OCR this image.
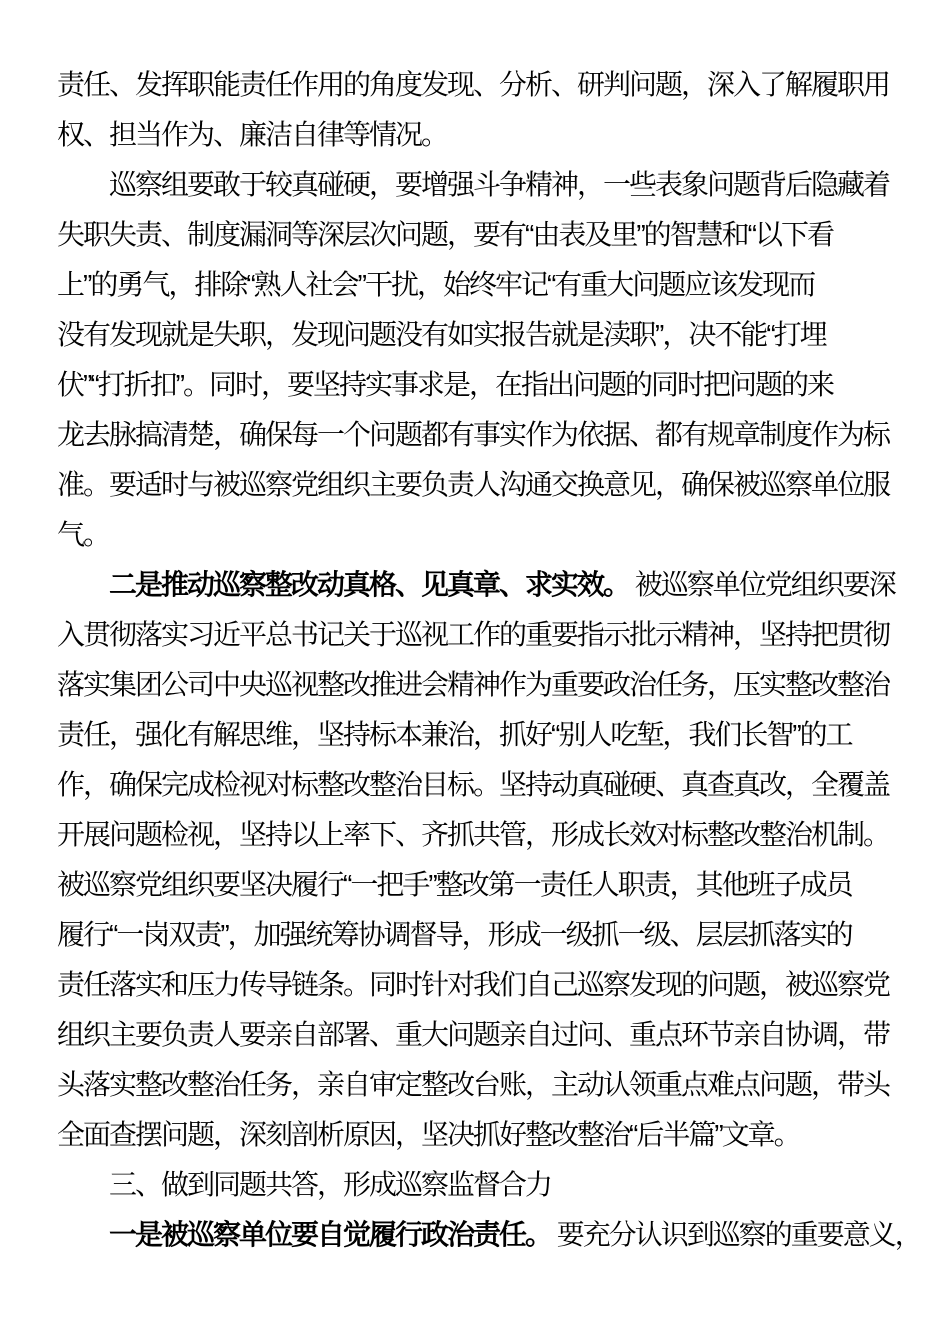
责任、发挥职能责任作用的角度发现、分析、研判问题，深入了解履职用
权、担当作为、廉洁自律等情况。
巡察组要敢于较真碰硬，要增强斗争精神，一些表象问题背后隐藏着
失职失责、制度漏洞等深层次问题，要有“由表及里”的智慧和“以下看
上”的勇气，排除“熟人社会”干扰，始终牢记“有重大问题应该发现而
没有发现就是失职，发现问题没有如实报告就是渎职”，决不能“打埋
伏”“打折扣”。同时，要坚持实事求是，在指出问题的同时把问题的来
龙去脉搞清楚，确保每一个问题都有事实作为依据、都有规章制度作为标
准。要适时与被巡察党组织主要负责人沟通交换意见，确保被巡察单位服
气。
二是推动巡察整改动真格、见真章、求实效。 被巡察单位党组织要深
入贯彻落实习近平总书记关于巡视工作的重要指示批示精神，坚持把贯彻
落实集团公司中央巡视整改推进会精神作为重要政治任务，压实整改整治
责任，强化有解思维，坚持标本兼治，抓好“别人吃堑，我们长智”的工
作，确保完成检视对标整改整治目标。坚持动真碰硬、真查真改，全覆盖
开展问题检视，坚持以上率下、齐抓共管，形成长效对标整改整治机制。
被巡察党组织要坚决履行“一把手”整改第一责任人职责，其他班子成员
履行“一岗双责”，加强统筹协调督导，形成一级抓一级、层层抓落实的
责任落实和压力传导链条。同时针对我们自己巡察发现的问题，被巡察党
组织主要负责人要亲自部署、重大问题亲自过问、重点环节亲自协调，带
头落实整改整治任务，亲自审定整改台账，主动认领重点难点问题，带头
全面查摆问题，深刻剖析原因，坚决抓好整改整治“后半篇”文章。
三、做到同题共答，形成巡察监督合力
一是被巡察单位要自觉履行政治责任。 要充分认识到巡察的重要意义，
